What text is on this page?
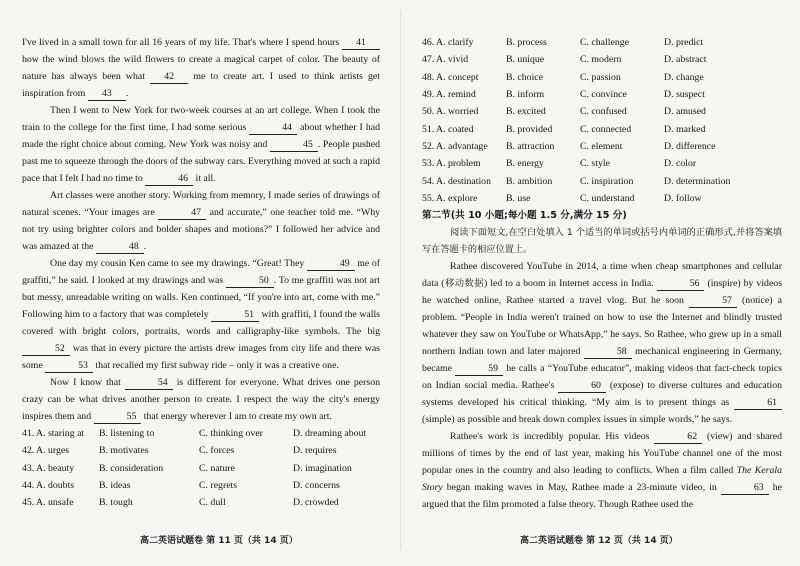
I've lived in a small town for all 16 years of my life. That's where I spend hours 41 how the wind blows the wild flowers to create a magical carpet of color. The beauty of nature has always been what 42 me to create art. I used to think artists get inspiration from 43 .

Then I went to New York for two-week courses at an art college. When I took the train to the college for the first time, I had some serious	44 about whether I had made the right choice about coming. New York was noisy and	45 . People pushed past me to squeeze through the doors of the subway cars. Everything moved at such a rapid pace that I felt I had no time to	46 it all.

Art classes were another story. Working from memory, I made series of drawings of natural scenes. “Your images are	47 and accurate,” one teacher told me. “Why not try using brighter colors and bolder shapes and motions?” I followed her advice and was amazed at the	48 .

One day my cousin Ken came to see my drawings. “Great! They	49 me of graffiti,” he said. I looked at my drawings and was	50 . To me graffiti was not art but messy, unreadable writing on walls. Ken continued, “If you're into art, come with me.” Following him to a factory that was completely	51 with graffiti, I found the walls covered with bright colors, portraits, words and calligraphy-like symbols. The big 52 was that in every picture the artists drew images from city life and there was some	53 that recalled my first subway ride – only it was a creative one.

Now I know that	54 is different for everyone. What drives one person crazy can be what drives another person to create. I respect the way the city's energy inspires them and	55 that energy wherever I am to create my own art.

41. A. staring at	B. listening to	C. thinking over	D. dreaming about
42. A. urges	B. motivates	C. forces	D. requires
43. A. beauty	B. consideration	C. nature	D. imagination
44. A. doubts	B. ideas	C. regrets	D. concerns
45. A. unsafe	B. tough	C. dull	D. crowded
46. A. clarify	B. process	C. challenge	D. predict
47. A. vivid	B. unique	C. modern	D. abstract
48. A. concept	B. choice	C. passion	D. change
49. A. remind	B. inform	C. convince	D. suspect
50. A. worried	B. excited	C. confused	D. amused
51. A. coated	B. provided	C. connected	D. marked
52. A. advantage	B. attraction	C. element	D. difference
53. A. problem	B. energy	C. style	D. color
54. A. destination	B. ambition	C. inspiration	D. determination
55. A. explore	B. use	C. understand	D. follow
第二节(共 10 小题;每小题 1.5 分,满分 15 分)

阅读下面短文,在空白处填入 1 个适当的单词或括号内单词的正确形式,并将答案填写在答题卡的相应位置上。

Rathee discovered YouTube in 2014, a time when cheap smartphones and cellular data (移动数据) led to a boom in Internet access in India.	56 (inspire) by videos he watched online, Rathee started a travel vlog. But he soon	57 (notice) a problem. “People in India weren't trained on how to use the Internet and blindly trusted whatever they saw on YouTube or WhatsApp,” he says. So Rathee, who grew up in a small northern Indian town and later majored	58 mechanical engineering in Germany, became	59 he calls a “YouTube educator”, making videos that fact-check topics on Indian social media. Rathee's	60 (expose) to diverse cultures and education systems developed his critical thinking. “My aim is to present things as	61 (simple) as possible and break down complex issues in simple words,” he says.

Rathee's work is incredibly popular. His videos	62 (view) and shared millions of times by the end of last year, making his YouTube channel one of the most popular ones in the country and also leading to conflicts. When a film called The Kerala Story began making waves in May, Rathee made a 23-minute video, in	63 he argued that the film promoted a false theory. Though Rathee used the

高二英语试题卷 第 11 页（共 14 页）	高二英语试题卷 第 12 页（共 14 页）
